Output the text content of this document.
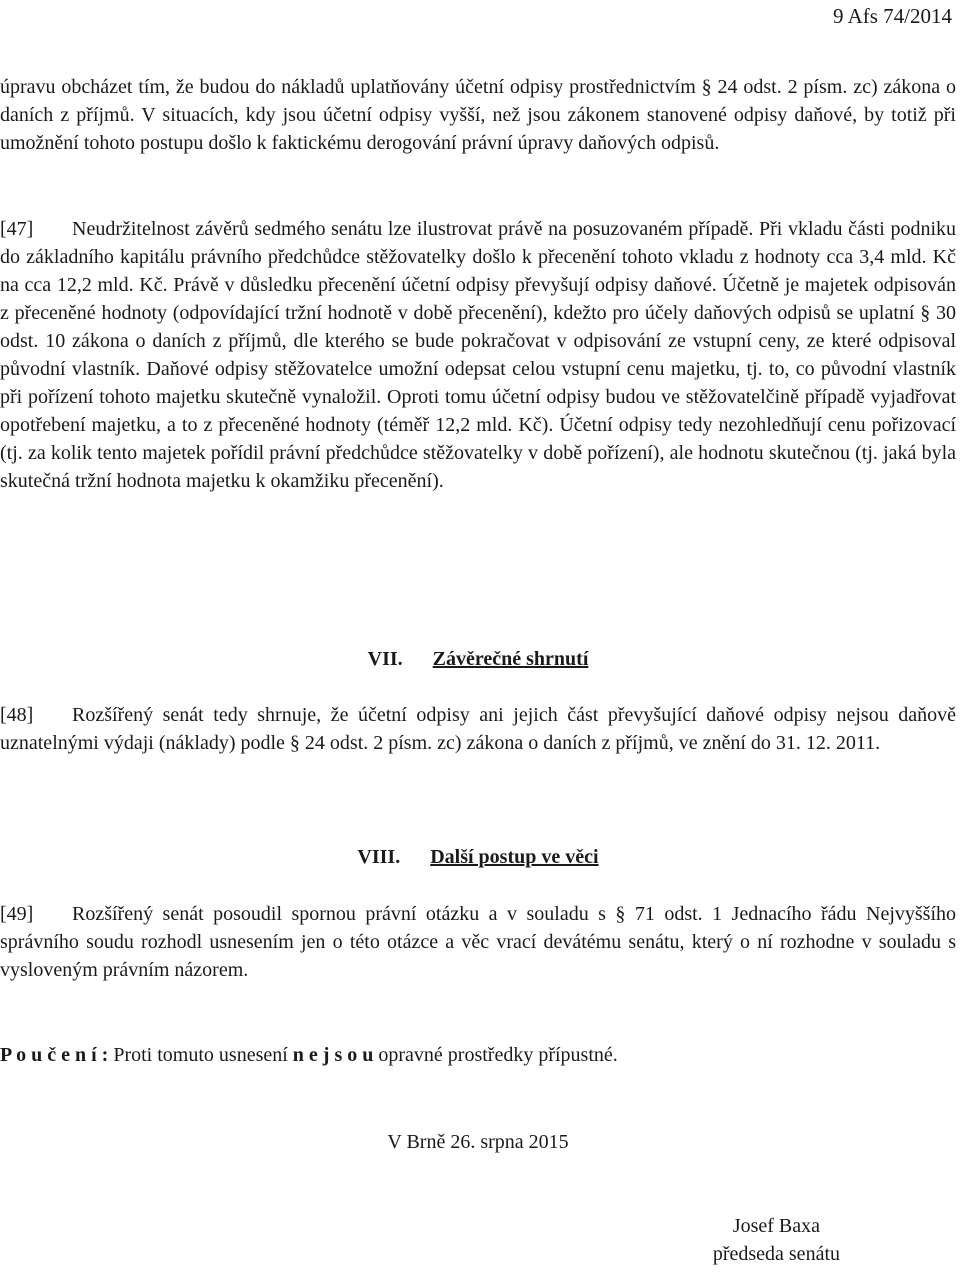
9 Afs 74/2014

úpravu obcházet tím, že budou do nákladů uplatňovány účetní odpisy prostřednictvím § 24 odst. 2 písm. zc) zákona o daních z příjmů. V situacích, kdy jsou účetní odpisy vyšší, než jsou zákonem stanovené odpisy daňové, by totiž při umožnění tohoto postupu došlo k faktickému derogování právní úpravy daňových odpisů.

[47] Neudržitelnost závěrů sedmého senátu lze ilustrovat právě na posuzovaném případě. Při vkladu části podniku do základního kapitálu právního předchůdce stěžovatelky došlo k přecenění tohoto vkladu z hodnoty cca 3,4 mld. Kč na cca 12,2 mld. Kč. Právě v důsledku přecenění účetní odpisy převyšují odpisy daňové. Účetně je majetek odpisován z přeceněné hodnoty (odpovídající tržní hodnotě v době přecenění), kdežto pro účely daňových odpisů se uplatní § 30 odst. 10 zákona o daních z příjmů, dle kterého se bude pokračovat v odpisování ze vstupní ceny, ze které odpisoval původní vlastník. Daňové odpisy stěžovatelce umožní odepsat celou vstupní cenu majetku, tj. to, co původní vlastník při pořízení tohoto majetku skutečně vynaložil. Oproti tomu účetní odpisy budou ve stěžovatelčině případě vyjadřovat opotřebení majetku, a to z přeceněné hodnoty (téměř 12,2 mld. Kč). Účetní odpisy tedy nezohledňují cenu pořizovací (tj. za kolik tento majetek pořídil právní předchůdce stěžovatelky v době pořízení), ale hodnotu skutečnou (tj. jaká byla skutečná tržní hodnota majetku k okamžiku přecenění).

VII. Závěrečné shrnutí

[48] Rozšířený senát tedy shrnuje, že účetní odpisy ani jejich část převyšující daňové odpisy nejsou daňově uznatelnými výdaji (náklady) podle § 24 odst. 2 písm. zc) zákona o daních z příjmů, ve znění do 31. 12. 2011.

VIII. Další postup ve věci

[49] Rozšířený senát posoudil spornou právní otázku a v souladu s § 71 odst. 1 Jednacího řádu Nejvyššího správního soudu rozhodl usnesením jen o této otázce a věc vrací devátému senátu, který o ní rozhodne v souladu s vysloveným právním názorem.

P o u č e n í : Proti tomuto usnesení n e j s o u opravné prostředky přípustné.

V Brně 26. srpna 2015

Josef Baxa
předseda senátu
